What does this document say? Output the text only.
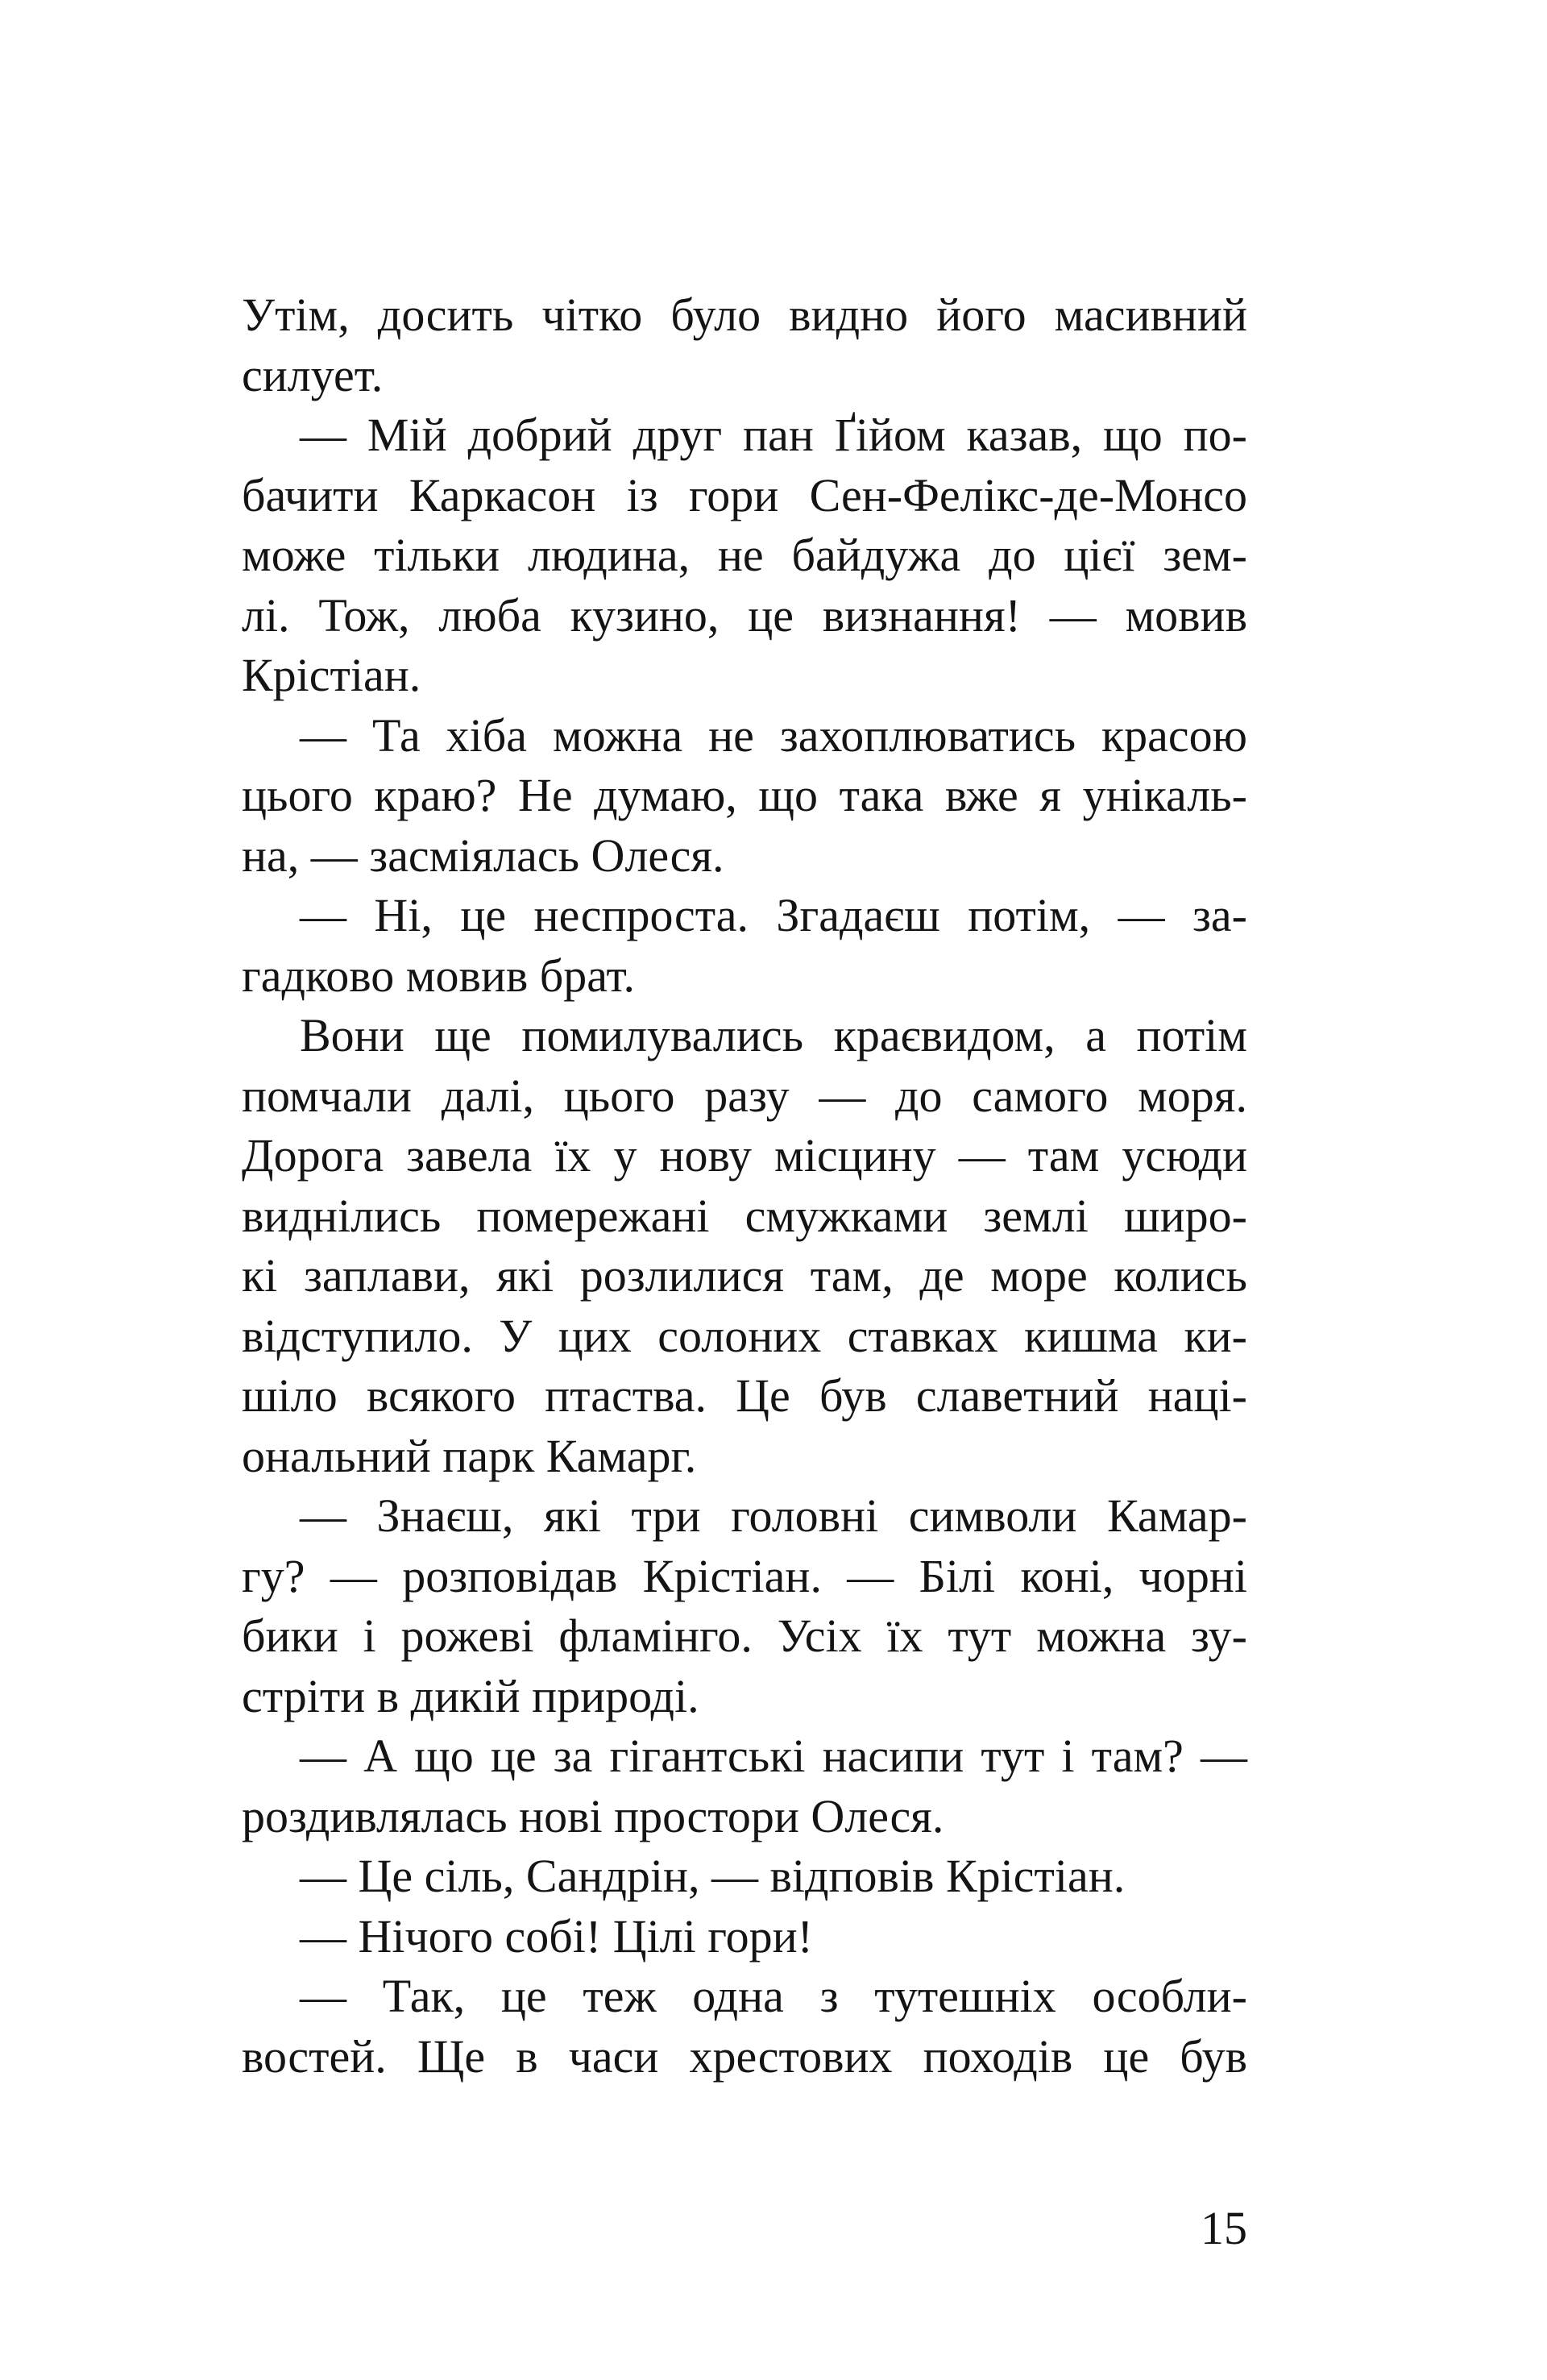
Утім, досить чітко було видно його масивний
силует.
— Мій добрий друг пан Ґійом казав, що по-
бачити Каркасон із гори Сен-Фелікс-де-Монсо
може тільки людина, не байдужа до цієї зем-
лі. Тож, люба кузино, це визнання! — мовив
Крістіан.
— Та хіба можна не захоплюватись красою
цього краю? Не думаю, що така вже я унікаль-
на, — засміялась Олеся.
— Ні, це неспроста. Згадаєш потім, — за-
гадково мовив брат.
Вони ще помилувались краєвидом, а потім
помчали далі, цього разу — до самого моря.
Дорога завела їх у нову місцину — там усюди
виднілись помережані смужками землі широ-
кі заплави, які розлилися там, де море колись
відступило. У цих солоних ставках кишма ки-
шіло всякого птаства. Це був славетний наці-
ональний парк Камарг.
— Знаєш, які три головні символи Камар-
гу? — розповідав Крістіан. — Білі коні, чорні
бики і рожеві фламінго. Усіх їх тут можна зу-
стріти в дикій природі.
— А що це за гігантські насипи тут і там? —
роздивлялась нові простори Олеся.
— Це сіль, Сандрін, — відповів Крістіан.
— Нічого собі! Цілі гори!
— Так, це теж одна з тутешніх особли-
востей. Ще в часи хрестових походів це був
15
